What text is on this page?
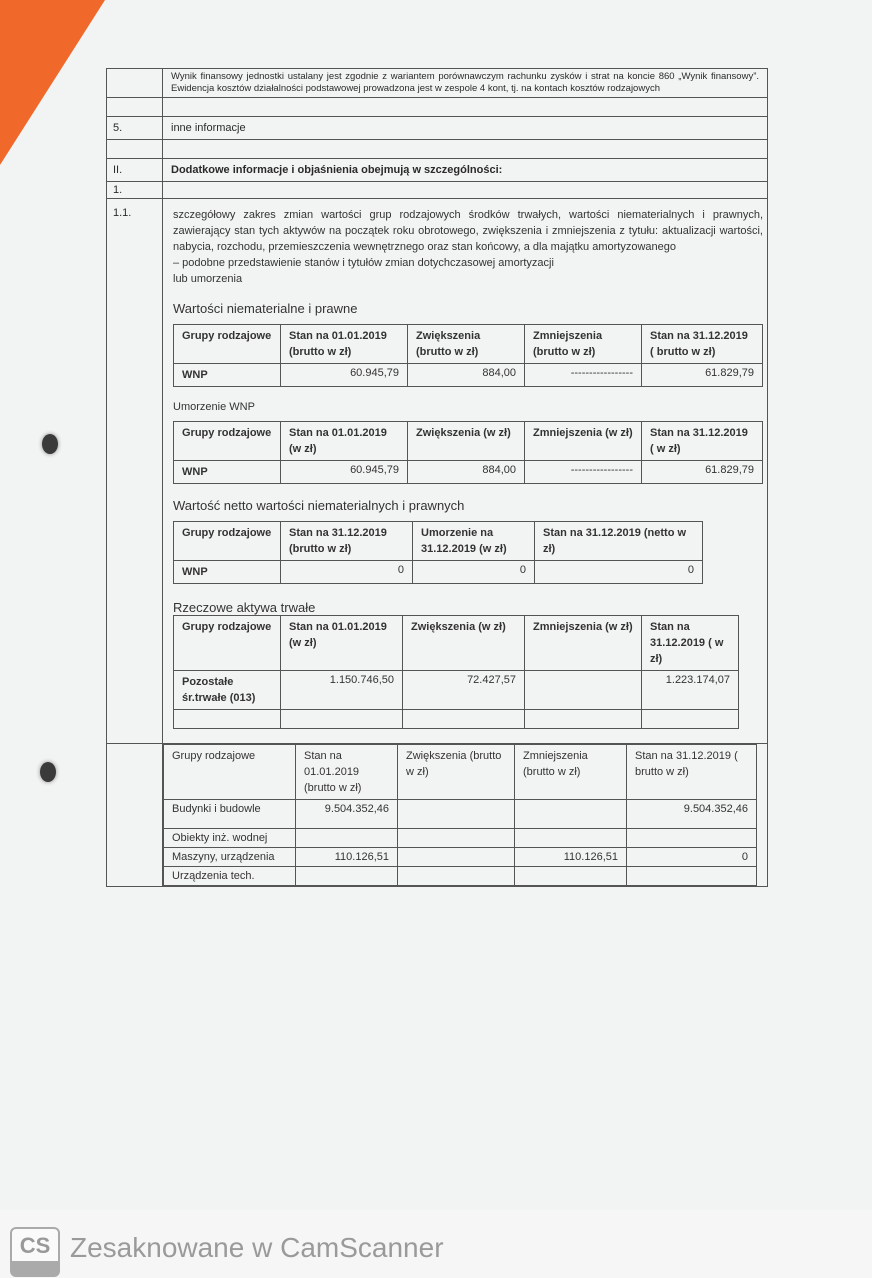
Wynik finansowy jednostki ustalany jest zgodnie z wariantem porównawczym rachunku zysków i strat na koncie 860 „Wynik finansowy”. Ewidencja kosztów działalności podstawowej prowadzona jest w zespole 4 kont, tj. na kontach kosztów rodzajowych
5.	inne informacje
II.	Dodatkowe informacje i objaśnienia obejmują w szczególności:
1.
1.1.	szczegółowy zakres zmian wartości grup rodzajowych środków trwałych, wartości niematerialnych i prawnych, zawierający stan tych aktywów na początek roku obrotowego, zwiększenia i zmniejszenia z tytułu: aktualizacji wartości, nabycia, rozchodu, przemieszczenia wewnętrznego oraz stan końcowy, a dla majątku amortyzowanego
– podobne przedstawienie stanów i tytułów zmian dotychczasowej amortyzacji
lub umorzenia
Wartości niematerialne i prawne
Grupy rodzajowe	Stan na 01.01.2019 (brutto w zł)	Zwiększenia (brutto w zł)	Zmniejszenia (brutto w zł)	Stan na 31.12.2019 ( brutto w zł)
WNP	60.945,79	884,00	-----------------	61.829,79
Umorzenie WNP
Grupy rodzajowe	Stan na 01.01.2019 (w zł)	Zwiększenia (w zł)	Zmniejszenia (w zł)	Stan na 31.12.2019 ( w zł)
WNP	60.945,79	884,00	-----------------	61.829,79
Wartość netto wartości niematerialnych i prawnych
Grupy rodzajowe	Stan na 31.12.2019 (brutto w zł)	Umorzenie na 31.12.2019 (w zł)	Stan na 31.12.2019 (netto w zł)
WNP	0	0	0
Rzeczowe aktywa trwałe
Grupy rodzajowe	Stan na 01.01.2019 (w zł)	Zwiększenia (w zł)	Zmniejszenia (w zł)	Stan na 31.12.2019 ( w zł)
Pozostałe śr.trwałe (013)	1.150.746,50	72.427,57		1.223.174,07

Grupy rodzajowe	Stan na 01.01.2019 (brutto w zł)	Zwiększenia (brutto w zł)	Zmniejszenia (brutto w zł)	Stan na 31.12.2019 ( brutto w zł)
Budynki i budowle	9.504.352,46			9.504.352,46
Obiekty inż. wodnej				
Maszyny, urządzenia	110.126,51		110.126,51	0
Urządzenia tech.				
CS Zesaknowane w CamScanner
